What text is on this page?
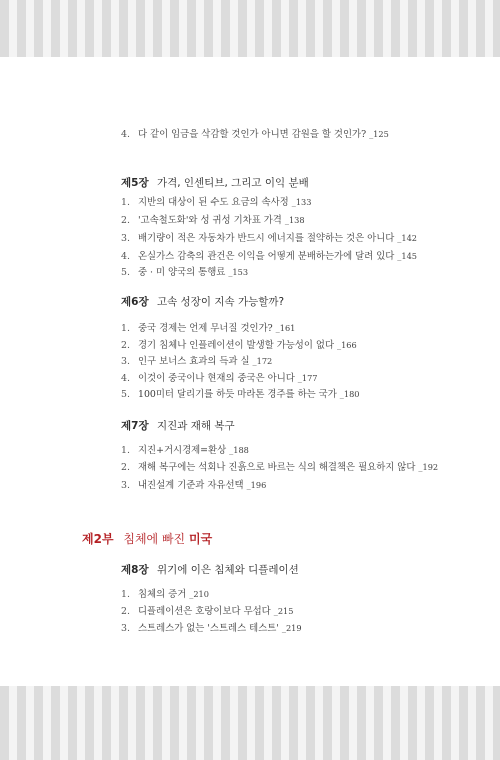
4. 다 같이 임금을 삭감할 것인가 아니면 감원을 할 것인가? _125
제5장 가격, 인센티브, 그리고 이익 분배
1. 지반의 대상이 된 수도 요금의 속사정 _133
2. '고속철도화'와 성 귀성 기차표 가격 _138
3. 배기량이 적은 자동차가 반드시 에너지를 절약하는 것은 아니다 _142
4. 온실가스 감축의 관건은 이익을 어떻게 분배하는가에 달려 있다 _145
5. 중 · 미 양국의 통행료 _153
제6장 고속 성장이 지속 가능할까?
1. 중국 경제는 언제 무너질 것인가? _161
2. 경기 침체나 인플레이션이 발생할 가능성이 없다 _166
3. 인구 보너스 효과의 득과 실 _172
4. 이것이 중국이나 현재의 중국은 아니다 _177
5. 100미터 달리기를 하듯 마라톤 경주를 하는 국가 _180
제7장 지진과 재해 복구
1. 지진+거시경제=환상 _188
2. 재해 복구에는 석회나 진흙으로 바르는 식의 해결책은 필요하지 않다 _192
3. 내진설계 기준과 자유선택 _196
제2부 침체에 빠진 미국
제8장 위기에 이은 침체와 디플레이션
1. 침체의 증거 _210
2. 디플레이션은 호랑이보다 무섭다 _215
3. 스트레스가 없는 '스트레스 테스트' _219
